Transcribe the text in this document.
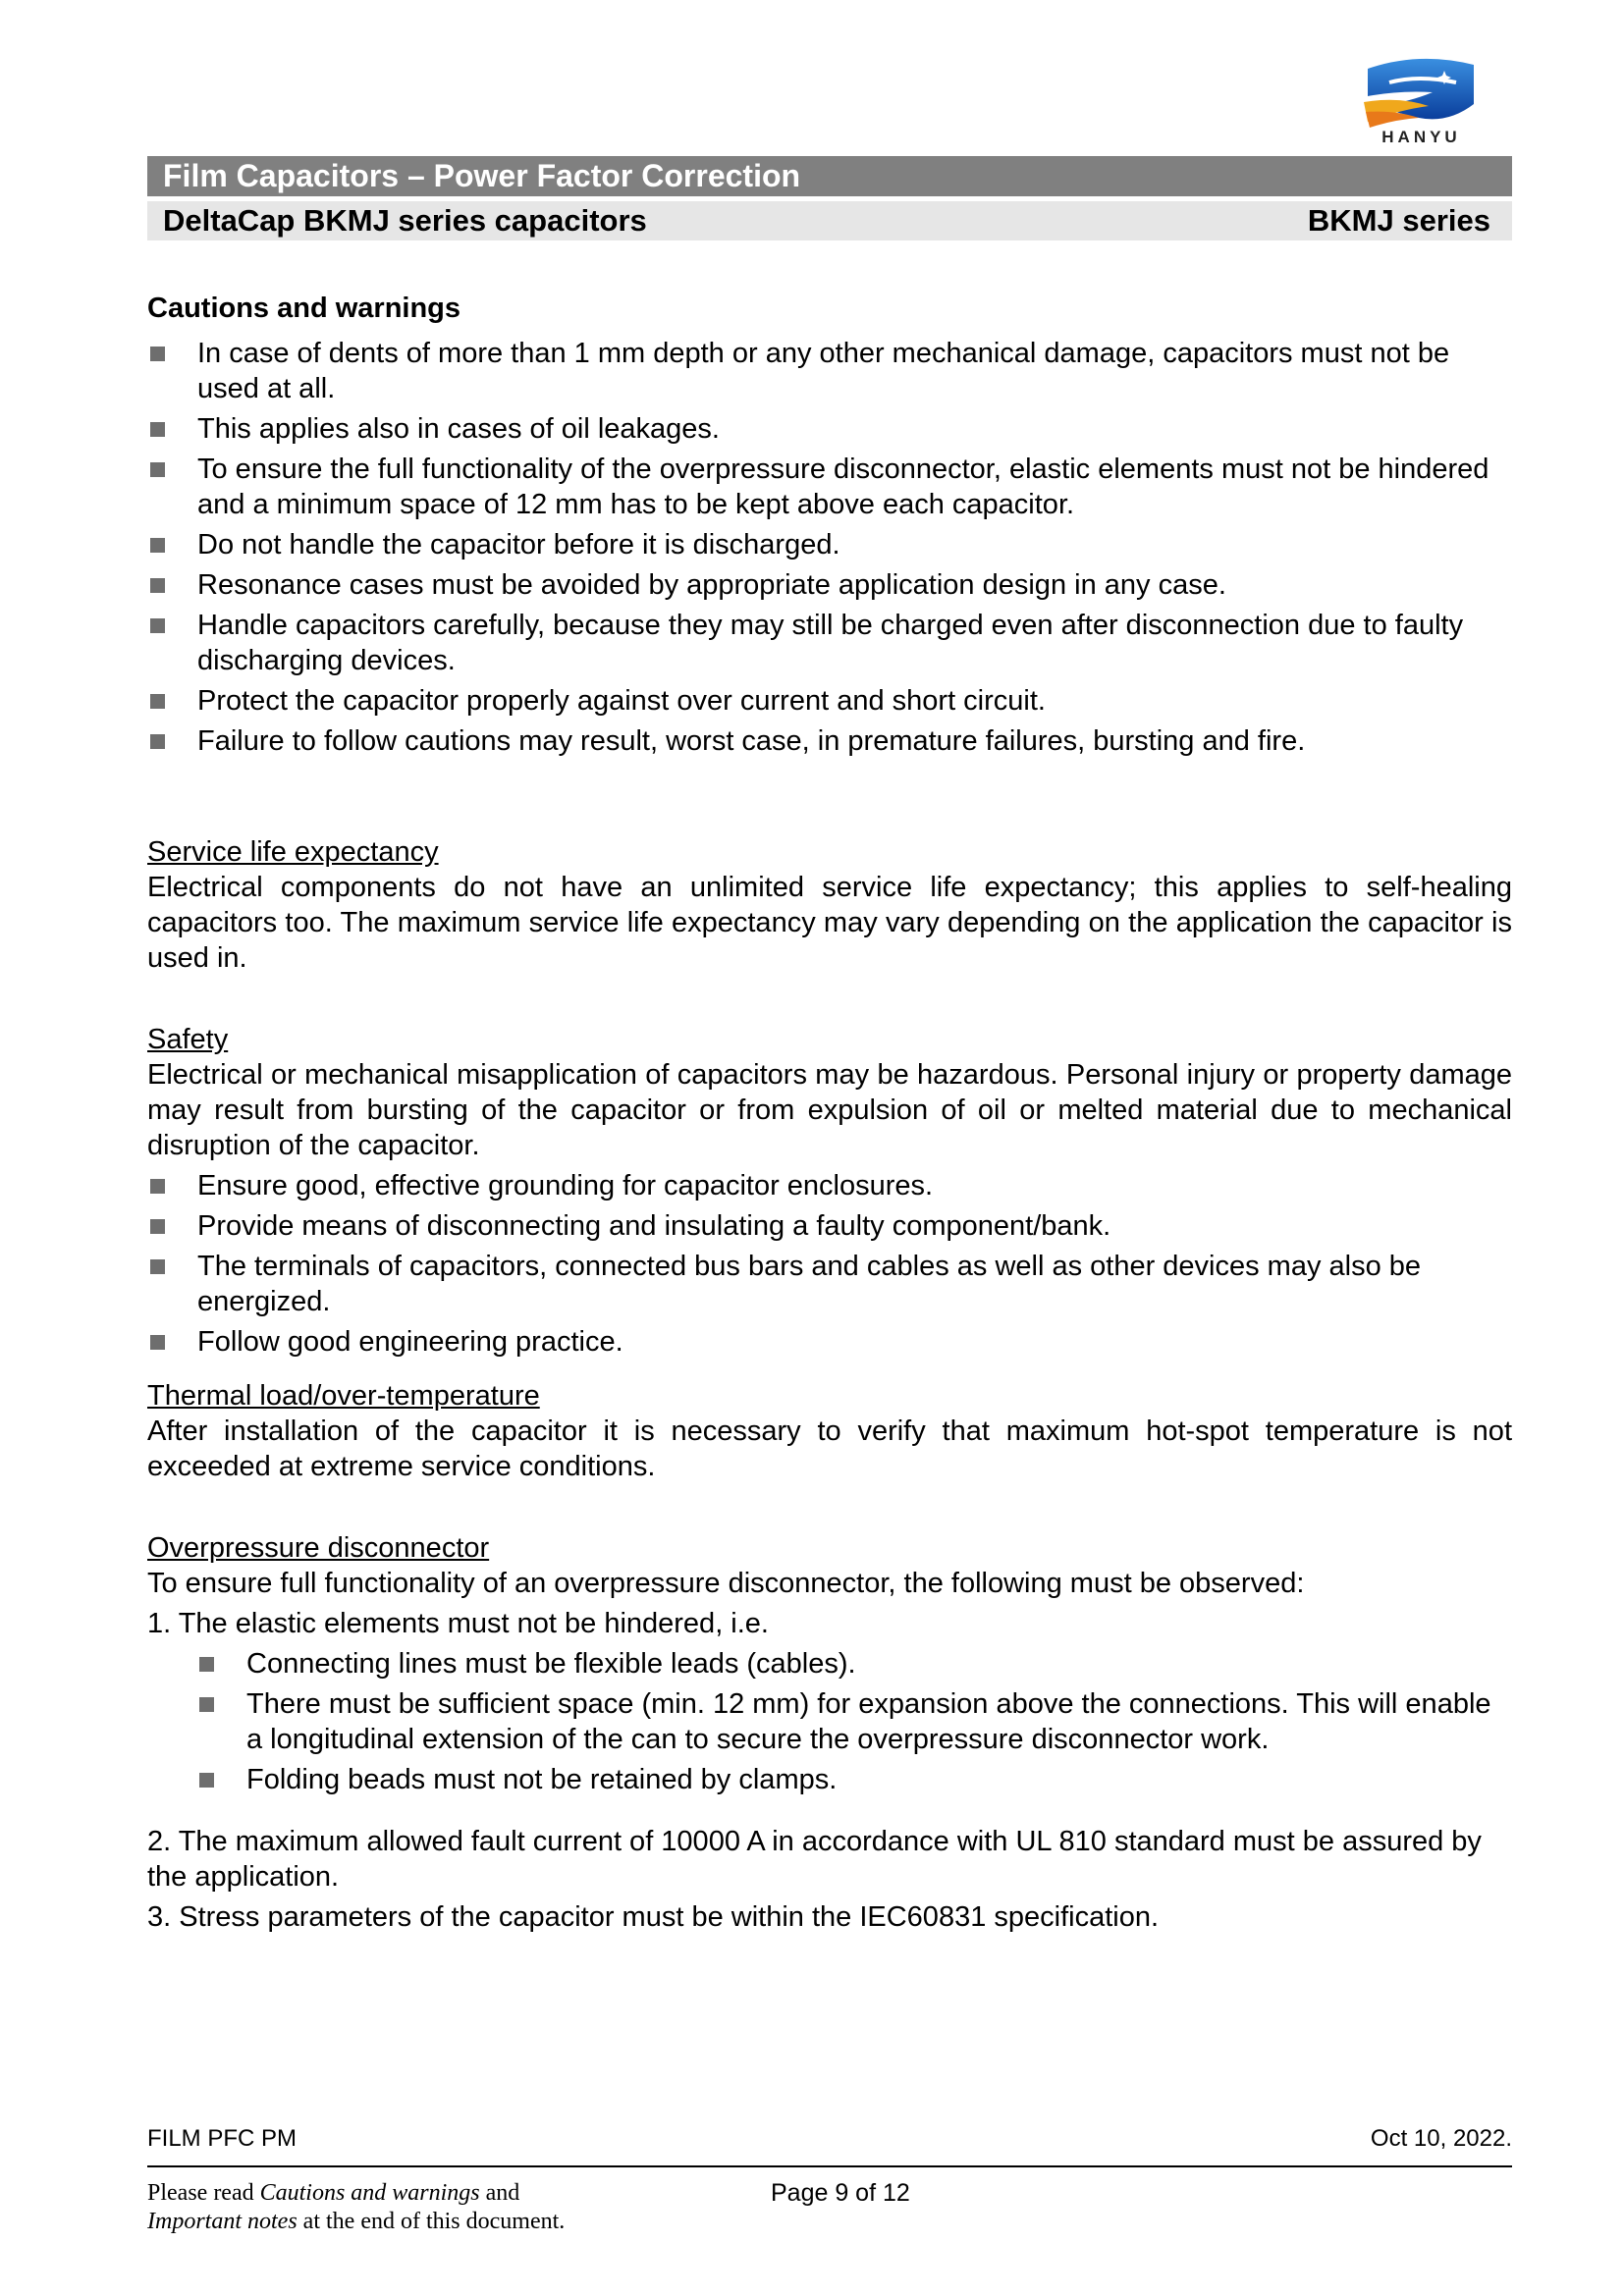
HANYU
Film Capacitors – Power Factor Correction
DeltaCap BKMJ series capacitors	BKMJ series

Cautions and warnings

In case of dents of more than 1 mm depth or any other mechanical damage, capacitors must not be used at all.
This applies also in cases of oil leakages.
To ensure the full functionality of the overpressure disconnector, elastic elements must not be hindered and a minimum space of 12 mm has to be kept above each capacitor.
Do not handle the capacitor before it is discharged.
Resonance cases must be avoided by appropriate application design in any case.
Handle capacitors carefully, because they may still be charged even after disconnection due to faulty discharging devices.
Protect the capacitor properly against over current and short circuit.
Failure to follow cautions may result, worst case, in premature failures, bursting and fire.

Service life expectancy

Electrical components do not have an unlimited service life expectancy; this applies to self-healing capacitors too. The maximum service life expectancy may vary depending on the application the capacitor is used in.

Safety

Electrical or mechanical misapplication of capacitors may be hazardous. Personal injury or property damage may result from bursting of the capacitor or from expulsion of oil or melted material due to mechanical disruption of the capacitor.

Ensure good, effective grounding for capacitor enclosures.
Provide means of disconnecting and insulating a faulty component/bank.
The terminals of capacitors, connected bus bars and cables as well as other devices may also be energized.
Follow good engineering practice.

Thermal load/over-temperature

After installation of the capacitor it is necessary to verify that maximum hot-spot temperature is not exceeded at extreme service conditions.

Overpressure disconnector

To ensure full functionality of an overpressure disconnector, the following must be observed:

1. The elastic elements must not be hindered, i.e.

Connecting lines must be flexible leads (cables).
There must be sufficient space (min. 12 mm) for expansion above the connections. This will enable a longitudinal extension of the can to secure the overpressure disconnector work.
Folding beads must not be retained by clamps.

2. The maximum allowed fault current of 10000 A in accordance with UL 810 standard must be assured by the application.

3. Stress parameters of the capacitor must be within the IEC60831 specification.

FILM PFC PM	Oct 10, 2022.
Please read Cautions and warnings and
Important notes at the end of this document.
Page 9 of 12
